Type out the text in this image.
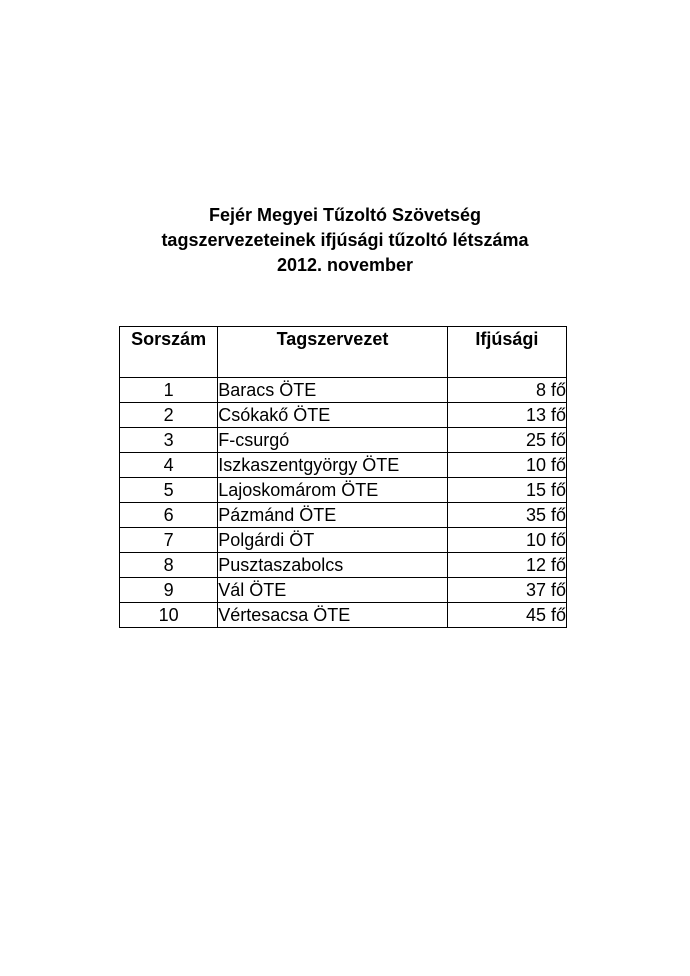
Fejér Megyei Tűzoltó Szövetség

tagszervezeteinek ifjúsági tűzoltó létszáma

2012. november

Sorszám	Tagszervezet	Ifjúsági
1	Baracs ÖTE	8 fő
2	Csókakő ÖTE	13 fő
3	F-csurgó	25 fő
4	Iszkaszentgyörgy ÖTE	10 fő
5	Lajoskomárom ÖTE	15 fő
6	Pázmánd ÖTE	35 fő
7	Polgárdi ÖT	10 fő
8	Pusztaszabolcs	12 fő
9	Vál ÖTE	37 fő
10	Vértesacsa ÖTE	45 fő
